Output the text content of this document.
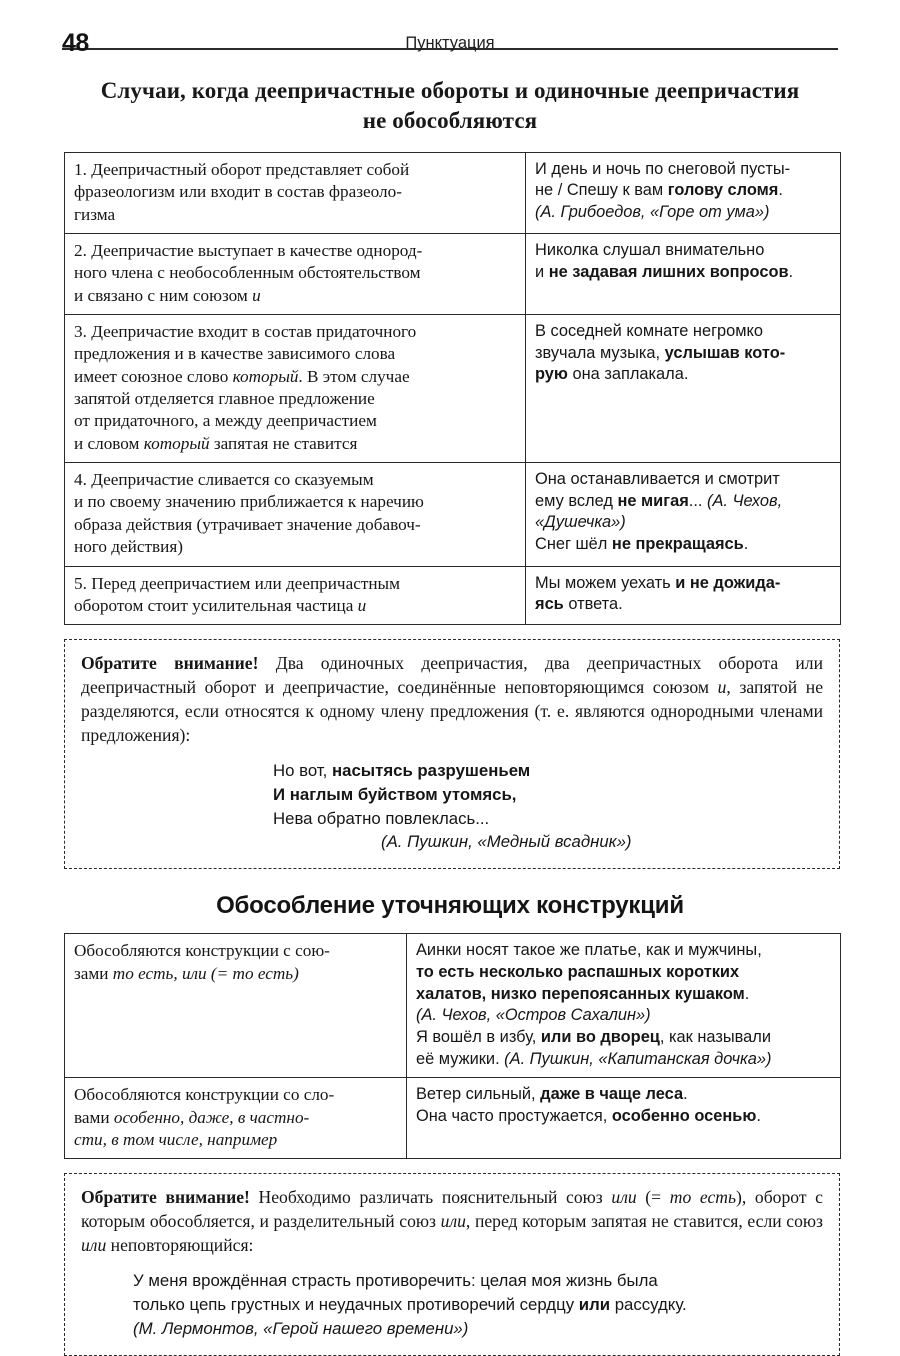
48	Пунктуация
Случаи, когда деепричастные обороты и одиночные деепричастия не обособляются
1. Деепричастный оборот представляет собой
фразеологизм или входит в состав фразеоло-
гизма	И день и ночь по снеговой пусты-
не / Спешу к вам голову сломя.
(А. Грибоедов, «Горе от ума»)
2. Деепричастие выступает в качестве однород-
ного члена с необособленным обстоятельством
и связано с ним союзом и	Николка слушал внимательно
и не задавая лишних вопросов.
3. Деепричастие входит в состав придаточного
предложения и в качестве зависимого слова
имеет союзное слово который. В этом случае
запятой отделяется главное предложение
от придаточного, а между деепричастием
и словом который запятая не ставится	В соседней комнате негромко
звучала музыка, услышав кото-
рую она заплакала.
4. Деепричастие сливается со сказуемым
и по своему значению приближается к наречию
образа действия (утрачивает значение добавоч-
ного действия)	Она останавливается и смотрит
ему вслед не мигая... (А. Чехов,
«Душечка»)
Снег шёл не прекращаясь.
5. Перед деепричастием или деепричастным
оборотом стоит усилительная частица и	Мы можем уехать и не дожида-
ясь ответа.
Обратите внимание! Два одиночных деепричастия, два деепричастных оборота или деепричастный оборот и деепричастие, соединённые неповторяющимся союзом и, запятой не разделяются, если относятся к одному члену предложения (т. е. являются однородными членами предложения):
Но вот, насытясь разрушеньем
И наглым буйством утомясь,
Нева обратно повлеклась...
(А. Пушкин, «Медный всадник»)
Обособление уточняющих конструкций
Обособляются конструкции с сою-
зами то есть, или (= то есть)	Аинки носят такое же платье, как и мужчины,
то есть несколько распашных коротких
халатов, низко перепоясанных кушаком.
(А. Чехов, «Остров Сахалин»)
Я вошёл в избу, или во дворец, как называли
её мужики. (А. Пушкин, «Капитанская дочка»)
Обособляются конструкции со сло-
вами особенно, даже, в частно-
сти, в том числе, например	Ветер сильный, даже в чаще леса.
Она часто простужается, особенно осенью.
Обратите внимание! Необходимо различать пояснительный союз или (= то есть), оборот с которым обособляется, и разделительный союз или, перед которым запятая не ставится, если союз или неповторяющийся:
У меня врождённая страсть противоречить: целая моя жизнь была
только цепь грустных и неудачных противоречий сердцу или рассудку.
(М. Лермонтов, «Герой нашего времени»)
